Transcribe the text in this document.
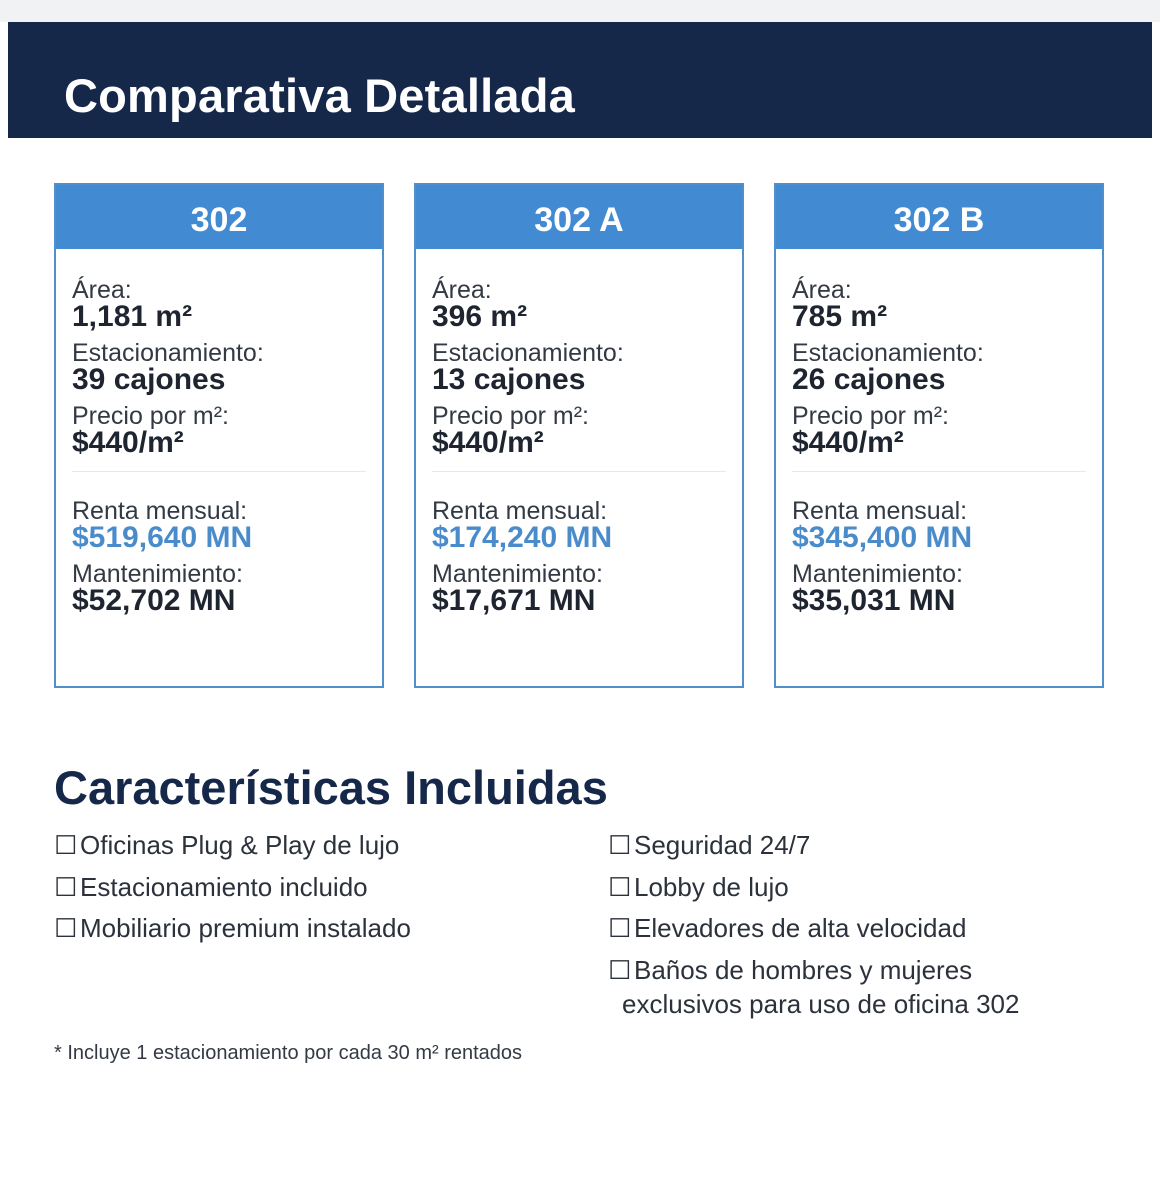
Comparativa Detallada
302
Área:
1,181 m²
Estacionamiento:
39 cajones
Precio por m²:
$440/m²
Renta mensual:
$519,640 MN
Mantenimiento:
$52,702 MN
302 A
Área:
396 m²
Estacionamiento:
13 cajones
Precio por m²:
$440/m²
Renta mensual:
$174,240 MN
Mantenimiento:
$17,671 MN
302 B
Área:
785 m²
Estacionamiento:
26 cajones
Precio por m²:
$440/m²
Renta mensual:
$345,400 MN
Mantenimiento:
$35,031 MN
Características Incluidas
☐ Oficinas Plug & Play de lujo
☐ Estacionamiento incluido
☐ Mobiliario premium instalado
☐ Seguridad 24/7
☐ Lobby de lujo
☐ Elevadores de alta velocidad
☐ Baños de hombres y mujeres
exclusivos para uso de oficina 302
* Incluye 1 estacionamiento por cada 30 m² rentados
